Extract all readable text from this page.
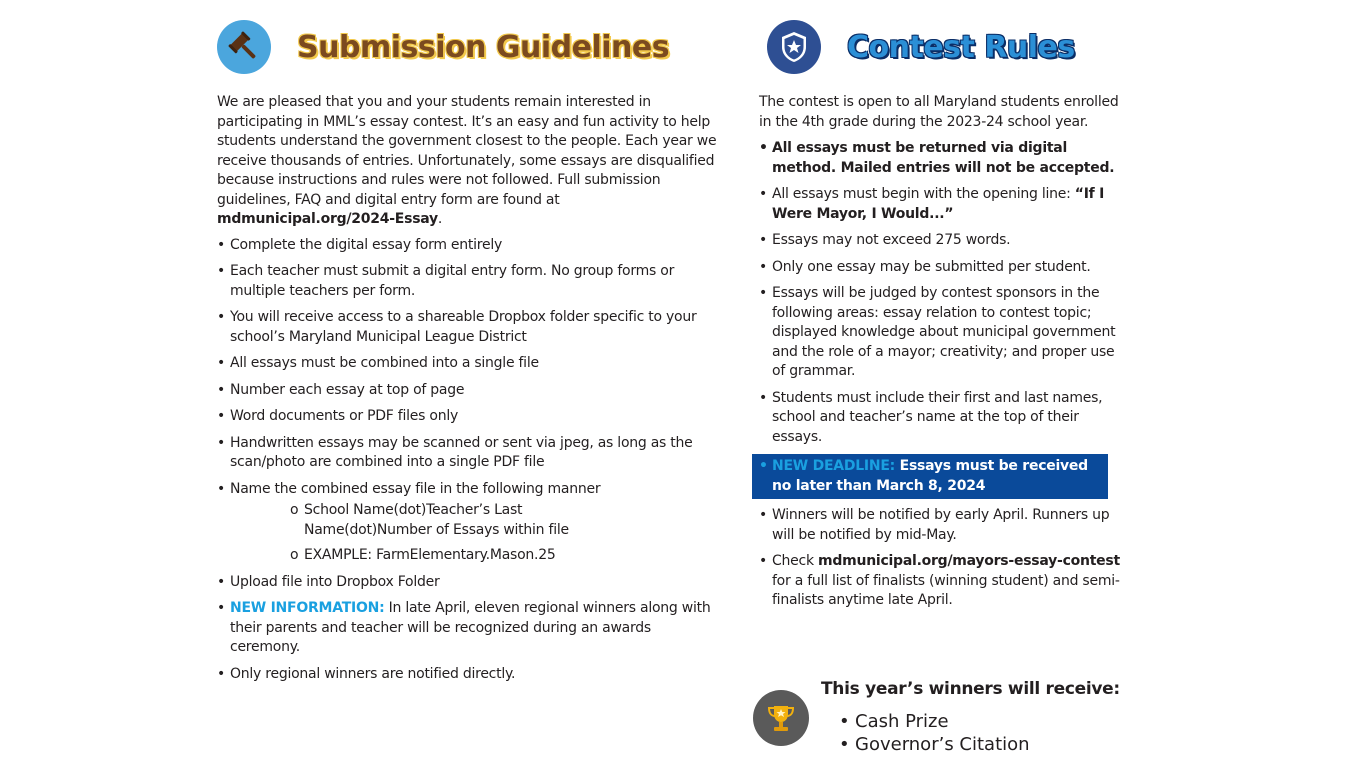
Submission Guidelines

We are pleased that you and your students remain interested in participating in MML’s essay contest. It’s an easy and fun activity to help students understand the government closest to the people. Each year we receive thousands of entries. Unfortunately, some essays are disqualified because instructions and rules were not followed. Full submission guidelines, FAQ and digital entry form are found at mdmunicipal.org/2024-Essay.

• Complete the digital essay form entirely
• Each teacher must submit a digital entry form. No group forms or multiple teachers per form.
• You will receive access to a shareable Dropbox folder specific to your school’s Maryland Municipal League District
• All essays must be combined into a single file
• Number each essay at top of page
• Word documents or PDF files only
• Handwritten essays may be scanned or sent via jpeg, as long as the scan/photo are combined into a single PDF file
• Name the combined essay file in the following manner
o School Name(dot)Teacher’s Last Name(dot)Number of Essays within file
o EXAMPLE: FarmElementary.Mason.25
• Upload file into Dropbox Folder
• NEW INFORMATION: In late April, eleven regional winners along with their parents and teacher will be recognized during an awards ceremony.
• Only regional winners are notified directly.
Contest Rules

The contest is open to all Maryland students enrolled in the 4th grade during the 2023-24 school year.

• All essays must be returned via digital method. Mailed entries will not be accepted.
• All essays must begin with the opening line: “If I Were Mayor, I Would...”
• Essays may not exceed 275 words.
• Only one essay may be submitted per student.
• Essays will be judged by contest sponsors in the following areas: essay relation to contest topic; displayed knowledge about municipal government and the role of a mayor; creativity; and proper use of grammar.
• Students must include their first and last names, school and teacher’s name at the top of their essays.
• NEW DEADLINE: Essays must be received no later than March 8, 2024
• Winners will be notified by early April. Runners up will be notified by mid-May.
• Check mdmunicipal.org/mayors-essay-contest for a full list of finalists (winning student) and semi-finalists anytime late April.
This year’s winners will receive:
• Cash Prize
• Governor’s Citation
